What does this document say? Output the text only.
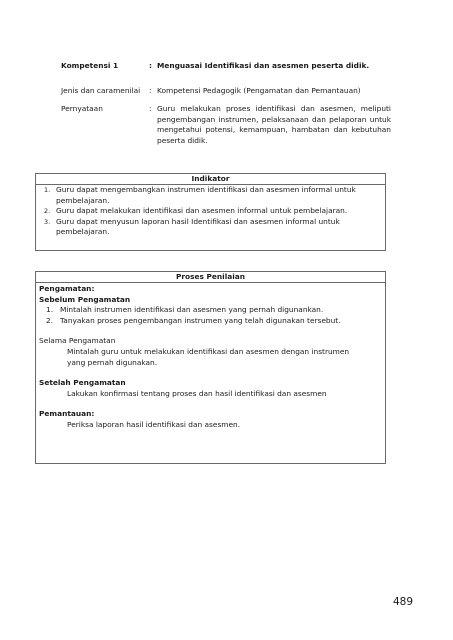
Kompetensi 1	: Menguasai Identifikasi dan asesmen peserta didik.
Jenis dan caramenilai	: Kompetensi Pedagogik (Pengamatan dan Pemantauan)
Pernyataan	: Guru melakukan proses identifikasi dan asesmen, meliputi pengembangan instrumen, pelaksanaan dan pelaporan untuk mengetahui potensi, kemampuan, hambatan dan kebutuhan peserta didik.
Indikator
1. Guru dapat mengembangkan instrumen identifikasi dan asesmen informal untuk pembelajaran.
2. Guru dapat melakukan identifikasi dan asesmen informal untuk pembelajaran.
3. Guru dapat menyusun laporan hasil Identifikasi dan asesmen informal untuk pembelajaran.
Proses Penilaian
Pengamatan:
Sebelum Pengamatan
1. Mintalah instrumen identifikasi dan asesmen yang pernah digunankan.
2. Tanyakan proses pengembangan instrumen yang telah digunakan tersebut.
Selama Pengamatan
Mintalah guru untuk melakukan identifikasi dan asesmen dengan instrumen yang pernah digunakan.
Setelah Pengamatan
Lakukan konfirmasi tentang proses dan hasil identifikasi dan asesmen
Pemantauan:
Periksa laporan hasil identifikasi dan asesmen.
489
